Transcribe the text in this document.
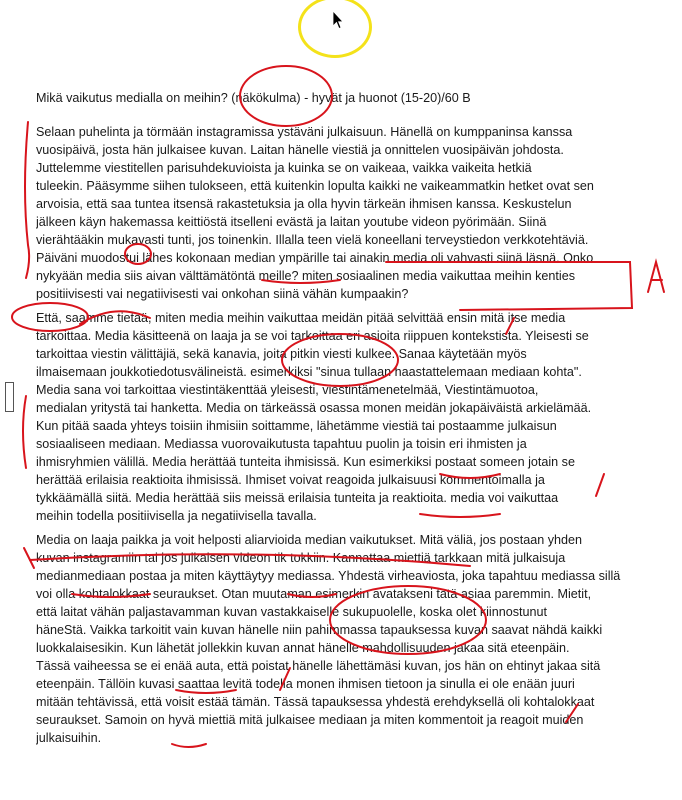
Mikä vaikutus medialla on meihin? (näkökulma) - hyvät ja huonot (15-20)/60 B
Selaan puhelinta ja törmään instagramissa ystäväni julkaisuun. Hänellä on kumppaninsa kanssa
vuosipäivä, josta hän julkaisee kuvan. Laitan hänelle viestiä ja onnittelen vuosipäivän johdosta.
Juttelemme viestitellen parisuhdekuvioista ja kuinka se on vaikeaa, vaikka vaikeita hetkiä
tuleekin. Pääsymme siihen tulokseen, että kuitenkin lopulta kaikki ne vaikeammatkin hetket ovat sen
arvoisia, että saa tuntea itsensä rakastetuksia ja olla hyvin tärkeän ihmisen kanssa. Keskustelun
jälkeen käyn hakemassa keittiöstä itselleni evästä ja laitan youtube videon pyörimään. Siinä
vierähtääkin mukavasti tunti, jos toinenkin. Illalla teen vielä koneellani terveystiedon verkkotehtäviä.
Päiväni muodostui lähes kokonaan median ympärille tai ainakin media oli vahvasti siinä läsnä. Onko
nykyään media siis aivan välttämätöntä meille? miten sosiaalinen media vaikuttaa meihin kenties
positiivisesti vai negatiivisesti vai onkohan siinä vähän kumpaakin?
Että, saamme tietää, miten media meihin vaikuttaa meidän pitää selvittää ensin mitä itse media
tarkoittaa. Media käsitteenä on laaja ja se voi tarkoittaa eri asioita riippuen kontekstista. Yleisesti se
tarkoittaa viestin välittäjiä, sekä kanavia, joita pitkin viesti kulkee. Sanaa käytetään myös
ilmaisemaan joukkotiedotusvälineistä. esimerkiksi "sinua tullaan haastattelemaan mediaan kohta".
Media sana voi tarkoittaa viestintäkenttää yleisesti, viestintämenetelmää, Viestintämuotoa,
medialan yritystä tai hanketta. Media on tärkeässä osassa monen meidän jokapäiväistä arkielämää.
Kun pitää saada yhteys toisiin ihmisiin soittamme, lähetämme viestiä tai postaamme julkaisun
sosiaaliseen mediaan. Mediassa vuorovaikutusta tapahtuu puolin ja toisin eri ihmisten ja
ihmisryhmien välillä. Media herättää tunteita ihmisissä. Kun esimerkiksi postaat someen jotain se
herättää erilaisia reaktioita ihmisissä. Ihmiset voivat reagoida julkaisuusi kommentoimalla ja
tykkäämällä siitä. Media herättää siis meissä erilaisia tunteita ja reaktioita. media voi vaikuttaa
meihin todella positiivisella ja negatiivisella tavalla.
Media on laaja paikka ja voit helposti aliarvioida median vaikutukset. Mitä väliä, jos postaan yhden
kuvan instagramiin tai jos julkaisen videon tik tokkiin. Kannattaa miettiä tarkkaan mitä julkaisuja
medianmediaan postaa ja miten käyttäytyy mediassa. Yhdestä virheaviosta, joka tapahtuu mediassa sillä
voi olla kohtalokkaat seuraukset. Otan muutaman esimerkin avatakseni tätä asiaa paremmin. Mietit,
että laitat vähän paljastavamman kuvan vastakkaiselle sukupuolelle, koska olet kiinnostunut
häneStä. Vaikka tarkoitit vain kuvan hänelle niin pahimmassa tapauksessa kuvan saavat nähdä kaikki
luokkalaisesikin. Kun lähetät jollekkin kuvan annat hänelle mahdollisuuden jakaa sitä eteenpäin.
Tässä vaiheessa se ei enää auta, että poistat hänelle lähettämäsi kuvan, jos hän on ehtinyt jakaa sitä
eteenpäin. Tällöin kuvasi saattaa levitä todella monen ihmisen tietoon ja sinulla ei ole enään juuri
mitään tehtävissä, että voisit estää tämän. Tässä tapauksessa yhdestä erehdyksellä oli kohtalokkaat
seuraukset. Samoin on hyvä miettiä mitä julkaisee mediaan ja miten kommentoit ja reagoit muiden
julkaisuihin.
